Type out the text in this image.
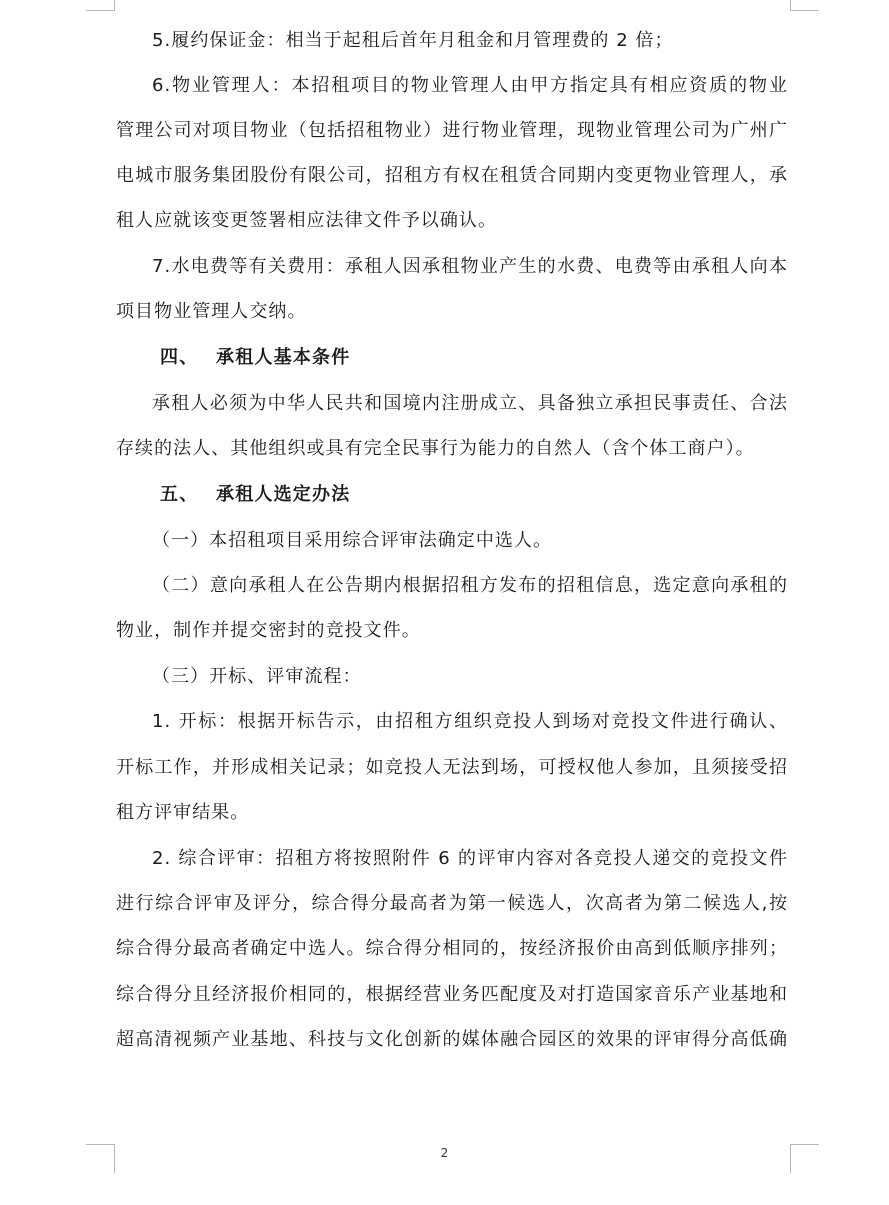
5.履约保证金：相当于起租后首年月租金和月管理费的 2 倍；
6.物业管理人：本招租项目的物业管理人由甲方指定具有相应资质的物业
管理公司对项目物业（包括招租物业）进行物业管理，现物业管理公司为广州广
电城市服务集团股份有限公司，招租方有权在租赁合同期内变更物业管理人，承
租人应就该变更签署相应法律文件予以确认。
7.水电费等有关费用：承租人因承租物业产生的水费、电费等由承租人向本
项目物业管理人交纳。
四、 承租人基本条件
承租人必须为中华人民共和国境内注册成立、具备独立承担民事责任、合法
存续的法人、其他组织或具有完全民事行为能力的自然人（含个体工商户）。
五、 承租人选定办法
（一）本招租项目采用综合评审法确定中选人。
（二）意向承租人在公告期内根据招租方发布的招租信息，选定意向承租的
物业，制作并提交密封的竞投文件。
（三）开标、评审流程：
1. 开标：根据开标告示，由招租方组织竞投人到场对竞投文件进行确认、
开标工作，并形成相关记录；如竞投人无法到场，可授权他人参加，且须接受招
租方评审结果。
2. 综合评审：招租方将按照附件 6 的评审内容对各竞投人递交的竞投文件
进行综合评审及评分，综合得分最高者为第一候选人，次高者为第二候选人,按
综合得分最高者确定中选人。综合得分相同的，按经济报价由高到低顺序排列；
综合得分且经济报价相同的，根据经营业务匹配度及对打造国家音乐产业基地和
超高清视频产业基地、科技与文化创新的媒体融合园区的效果的评审得分高低确
2
